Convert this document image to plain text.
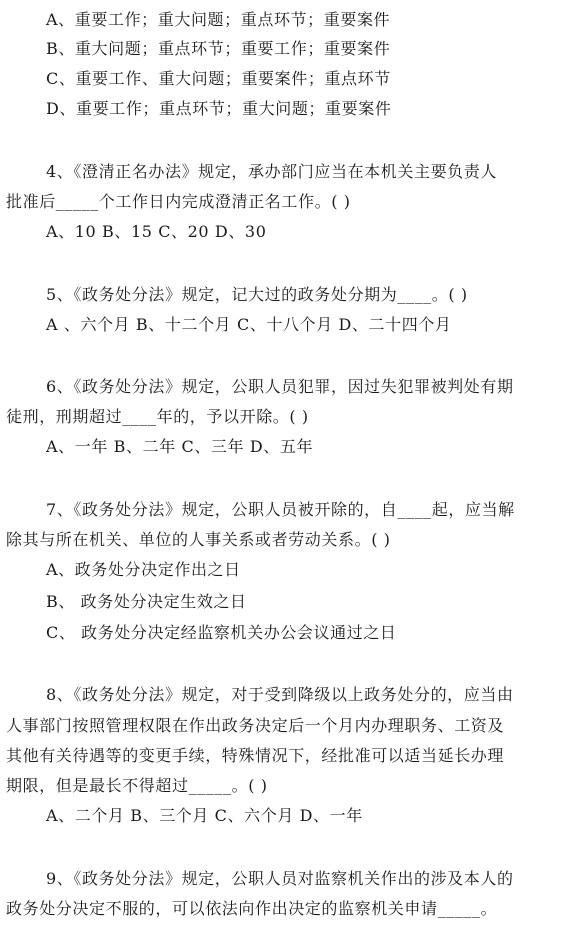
A、重要工作；重大问题；重点环节；重要案件
B、重大问题；重点环节；重要工作；重要案件
C、重要工作、重大问题；重要案件；重点环节
D、重要工作；重点环节；重大问题；重要案件
4、《澄清正名办法》规定，承办部门应当在本机关主要负责人
批准后_____个工作日内完成澄清正名工作。( )
A、10 B、15 C、20 D、30
5、《政务处分法》规定，记大过的政务处分期为____。( )
A 、六个月 B、十二个月 C、十八个月 D、二十四个月
6、《政务处分法》规定，公职人员犯罪，因过失犯罪被判处有期
徒刑，刑期超过____年的，予以开除。( )
A、一年 B、二年 C、三年 D、五年
7、《政务处分法》规定，公职人员被开除的，自____起，应当解
除其与所在机关、单位的人事关系或者劳动关系。( )
A、政务处分决定作出之日
B、 政务处分决定生效之日
C、 政务处分决定经监察机关办公会议通过之日
8、《政务处分法》规定，对于受到降级以上政务处分的，应当由
人事部门按照管理权限在作出政务决定后一个月内办理职务、工资及
其他有关待遇等的变更手续，特殊情况下，经批准可以适当延长办理
期限，但是最长不得超过_____。( )
A、二个月 B、三个月 C、六个月 D、一年
9、《政务处分法》规定，公职人员对监察机关作出的涉及本人的
政务处分决定不服的，可以依法向作出决定的监察机关申请_____。
